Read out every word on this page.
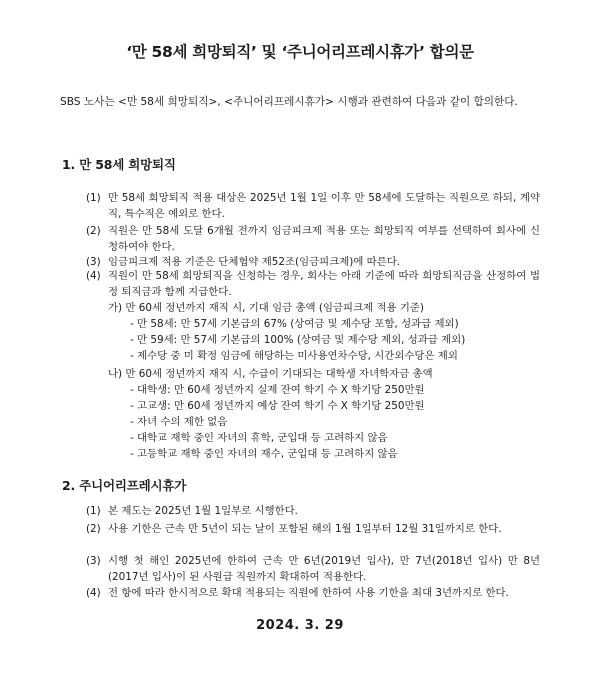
‘만 58세 희망퇴직’ 및 ‘주니어리프레시휴가’ 합의문
SBS 노사는 <만 58세 희망퇴직>, <주니어리프레시휴가> 시행과 관련하여 다음과 같이 합의한다.
1. 만 58세 희망퇴직
(1) 만 58세 희망퇴직 적용 대상은 2025년 1월 1일 이후 만 58세에 도달하는 직원으로 하되, 계약직, 특수직은 예외로 한다.
(2) 직원은 만 58세 도달 6개월 전까지 임금피크제 적용 또는 희망퇴직 여부를 선택하여 회사에 신청하여야 한다.
(3) 임금피크제 적용 기준은 단체협약 제52조(임금피크제)에 따른다.
(4) 직원이 만 58세 희망퇴직을 신청하는 경우, 회사는 아래 기준에 따라 희망퇴직금을 산정하여 법정 퇴직금과 함께 지급한다.
가) 만 60세 정년까지 재직 시, 기대 임금 총액 (임금피크제 적용 기준)
- 만 58세: 만 57세 기본급의 67% (상여금 및 제수당 포함, 성과급 제외)
- 만 59세: 만 57세 기본급의 100% (상여금 및 제수당 제외, 성과급 제외)
- 제수당 중 미 확정 임금에 해당하는 미사용연차수당, 시간외수당은 제외
나) 만 60세 정년까지 재직 시, 수급이 기대되는 대학생 자녀학자금 총액
- 대학생: 만 60세 정년까지 실제 잔여 학기 수 X 학기당 250만원
- 고교생: 만 60세 정년까지 예상 잔여 학기 수 X 학기당 250만원
- 자녀 수의 제한 없음
- 대학교 재학 중인 자녀의 휴학, 군입대 등 고려하지 않음
- 고등학교 재학 중인 자녀의 재수, 군입대 등 고려하지 않음
2. 주니어리프레시휴가
(1) 본 제도는 2025년 1월 1일부로 시행한다.
(2) 사용 기한은 근속 만 5년이 되는 날이 포함된 해의 1월 1일부터 12월 31일까지로 한다.
(3) 시행 첫 해인 2025년에 한하여 근속 만 6년(2019년 입사), 만 7년(2018년 입사) 만 8년(2017년 입사)이 된 사원급 직원까지 확대하여 적용한다.
(4) 전 항에 따라 한시적으로 확대 적용되는 직원에 한하여 사용 기한을 최대 3년까지로 한다.
2024. 3. 29
